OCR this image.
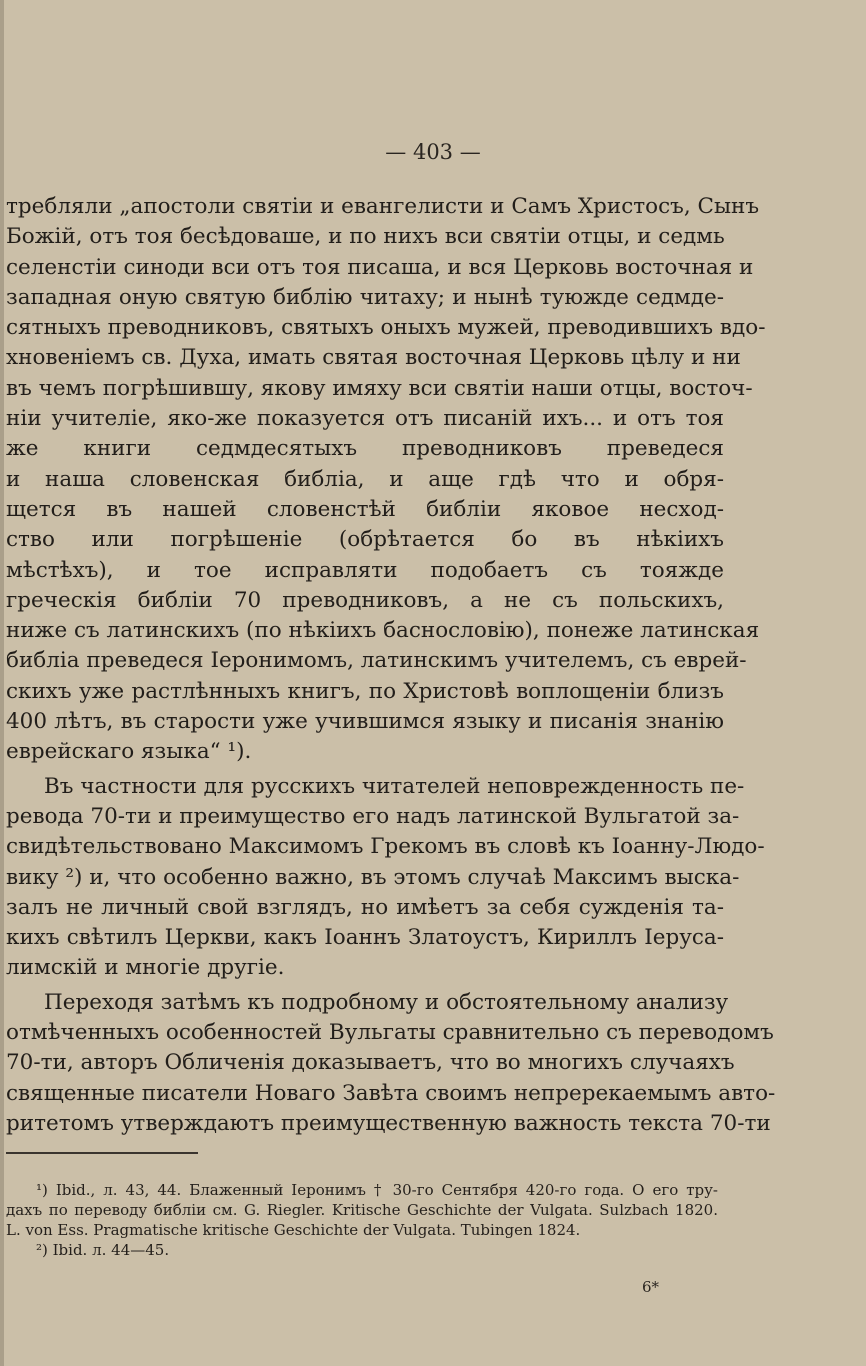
— 403 —
требляли „апостоли святіи и евангелисти и Самъ Христосъ, Сынъ
Божій, отъ тоя бесѣдоваше, и по нихъ вси святіи отцы, и седмь
селенстіи синоди вси отъ тоя писаша, и вся Церковь восточная и
западная оную святую библію читаху; и нынѣ туюжде седмде-
сятныхъ преводниковъ, святыхъ оныхъ мужей, преводившихъ вдо-
хновеніемъ св. Духа, имать святая восточная Церковь цѣлу и ни
въ чемъ погрѣшившу, якову имяху вси святіи наши отцы, восточ-
ніи учителіе, яко-же показуется отъ писаній ихъ... и отъ тоя
же книги седмдесятыхъ преводниковъ преведеся
и наша словенская библіа, и аще гдѣ что и обря-
щется въ нашей словенстѣй библіи яковое несход-
ство или погрѣшеніе (обрѣтается бо въ нѣкіихъ
мѣстѣхъ), и тое исправляти подобаетъ съ тояжде
греческія библіи 70 преводниковъ, а не съ польскихъ,
ниже съ латинскихъ (по нѣкіихъ баснословію), понеже латинская
библіа преведеся Іеронимомъ, латинскимъ учителемъ, съ еврей-
скихъ уже растлѣнныхъ книгъ, по Христовѣ воплощеніи близъ
400 лѣтъ, въ старости уже учившимся языку и писанія знанію
еврейскаго языка“ ¹).
Въ частности для русскихъ читателей неповрежденность пе-
ревода 70-ти и преимущество его надъ латинской Вульгатой за-
свидѣтельствовано Максимомъ Грекомъ въ словѣ къ Іоанну-Людо-
вику ²) и, что особенно важно, въ этомъ случаѣ Максимъ выска-
залъ не личный свой взглядъ, но имѣетъ за себя сужденія та-
кихъ свѣтилъ Церкви, какъ Іоаннъ Златоустъ, Кириллъ Іеруса-
лимскій и многіе другіе.
Переходя затѣмъ къ подробному и обстоятельному анализу
отмѣченныхъ особенностей Вульгаты сравнительно съ переводомъ
70-ти, авторъ Обличенія доказываетъ, что во многихъ случаяхъ
священные писатели Новаго Завѣта своимъ непререкаемымъ авто-
ритетомъ утверждаютъ преимущественную важность текста 70-ти
¹) Ibid., л. 43, 44. Блаженный Іеронимъ † 30-го Сентября 420-го года. О его тру-
дахъ по переводу библіи см. G. Riegler. Kritische Geschichte der Vulgata. Sulzbach 1820.
L. von Ess. Pragmatische kritische Geschichte der Vulgata. Tubingen 1824.
²) Ibid. л. 44—45.
6*
